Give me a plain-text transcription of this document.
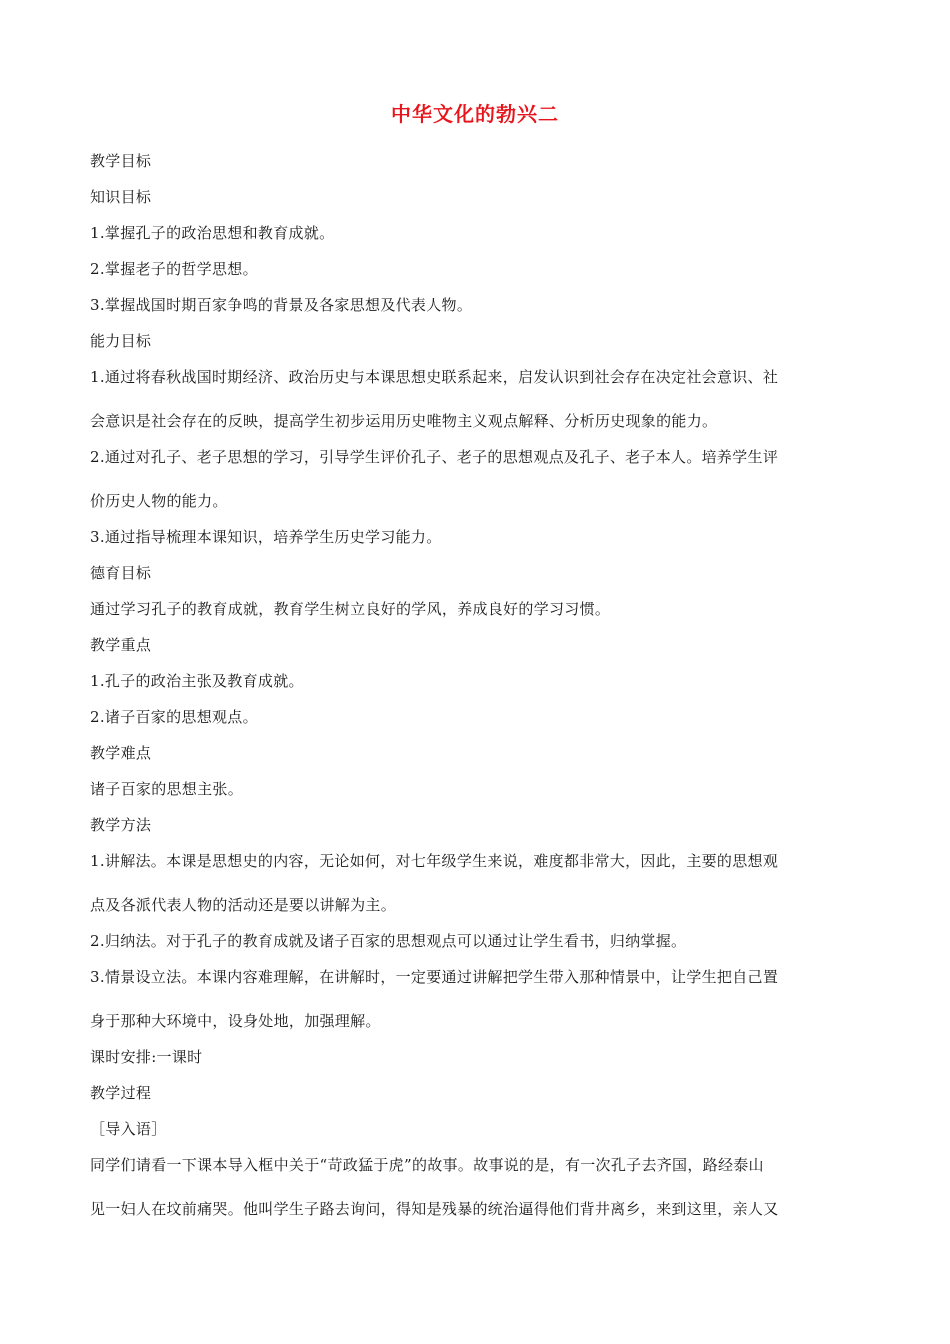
中华文化的勃兴二
教学目标
知识目标
1.掌握孔子的政治思想和教育成就。
2.掌握老子的哲学思想。
3.掌握战国时期百家争鸣的背景及各家思想及代表人物。
能力目标
1.通过将春秋战国时期经济、政治历史与本课思想史联系起来，启发认识到社会存在决定社会意识、社
会意识是社会存在的反映，提高学生初步运用历史唯物主义观点解释、分析历史现象的能力。
2.通过对孔子、老子思想的学习，引导学生评价孔子、老子的思想观点及孔子、老子本人。培养学生评
价历史人物的能力。
3.通过指导梳理本课知识，培养学生历史学习能力。
德育目标
通过学习孔子的教育成就，教育学生树立良好的学风，养成良好的学习习惯。
教学重点
1.孔子的政治主张及教育成就。
2.诸子百家的思想观点。
教学难点
诸子百家的思想主张。
教学方法
1.讲解法。本课是思想史的内容，无论如何，对七年级学生来说，难度都非常大，因此，主要的思想观
点及各派代表人物的活动还是要以讲解为主。
2.归纳法。对于孔子的教育成就及诸子百家的思想观点可以通过让学生看书，归纳掌握。
3.情景设立法。本课内容难理解，在讲解时，一定要通过讲解把学生带入那种情景中，让学生把自己置
身于那种大环境中，设身处地，加强理解。
课时安排:一课时
教学过程
［导入语］
同学们请看一下课本导入框中关于“苛政猛于虎”的故事。故事说的是，有一次孔子去齐国，路经泰山
见一妇人在坟前痛哭。他叫学生子路去询问，得知是残暴的统治逼得他们背井离乡，来到这里，亲人又
